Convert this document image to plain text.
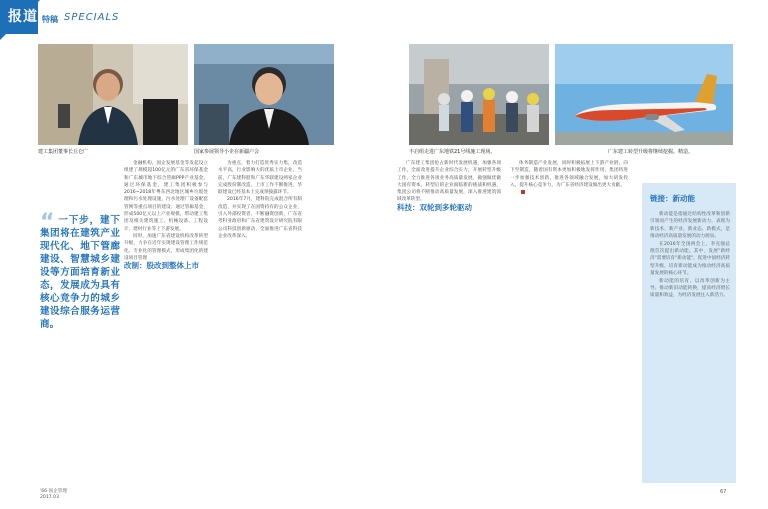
报道 特稿 SPECIALS
建工集团董事长丘仑广	国家参展领导小企在新疆户会	丰启组走进广东地铁21号线施工现场。	广东建工转型升级将继续挖掘。精造。
“ 一下步，建下集团将在建筑产业现代化、地下管廊建设、智慧城乡建设等方面培育新业态，发展成为具有核心竞争力的城乡建设综合服务运营商。

金融机构、国企发展基金等发起设立组建了规模超100亿元的广东省环保基金和广东城市地下综合管廊PPP产业基金，通过环保基金，建工集团积极参与2016~2018年粤东西北地区城乡垃圾处理和污水处理设施，污水处理厂设备配套管网等重点项目的建设；通过管廊基金，形成500亿元以上产业规模，带动建工集团及相关建筑施工、机械设备、工程设计、建材行业等上下游发展。

同时，加速广东省建设机构改革转型升级，力争在近年实现建设管理工作规范化、专业化的管理模式，形成集团化的建设项目管理

改制：股改到整体上市

为重点，着力打造优秀实力集，改造水平高，行业影响大的优质上市企业。当前，广东建科股和广东华联建设两家企业完成股份制改造，上市工作不断推进，华联建设已经基本上完成预披露环节。

2016年7月，建科院完成混合所有制改造，并实现了在国资持有的公众企业，引入外部投资者，不断融资创新，广东省考科业政府和广东省建筑设计研究院有限公司科技创新驱动，全面推进广东省科技企业改革深入。

广东建工集团抢占新时代发展机遇，加强各项工作，全面改进提升企业综合实力，开展转型升级工作，全力推进各项业务高质量发展，做强做优做大国有资本，转型后的企业面临新的挑战和机遇，集团公司将不断推动高质量发展，深入推进建筑领域改革转型。

科技：双轮到多轮驱动

体务制造产业发展，同时积极拓展上下游产业链，向下至制造，随着国有资本更加积极地发挥作用，集团将进一步加强技术创新，推进各领域融合发展，加大研发投入，提升核心竞争力，为广东省经济建设做出更大贡献。

链接：新动能

新动能是指通过结构性改革和创新引领而产生的经济发展新动力，表现为新技术、新产业、新业态、新模式，是推动经济高质量发展的动力源泉。

在2016年全国两会上，李克强总理首次提出新动能。其中，发展"新经济"需要培育"新动能"，促进中国经济转型升级，培育新动能成为推动经济高质量发展的核心环节。

新动能的培育，以改革创新为主导，推动新旧动能转换，提高经济增长质量和效益，为经济发展注入新活力。

'66 国企管理
2017.03
67
